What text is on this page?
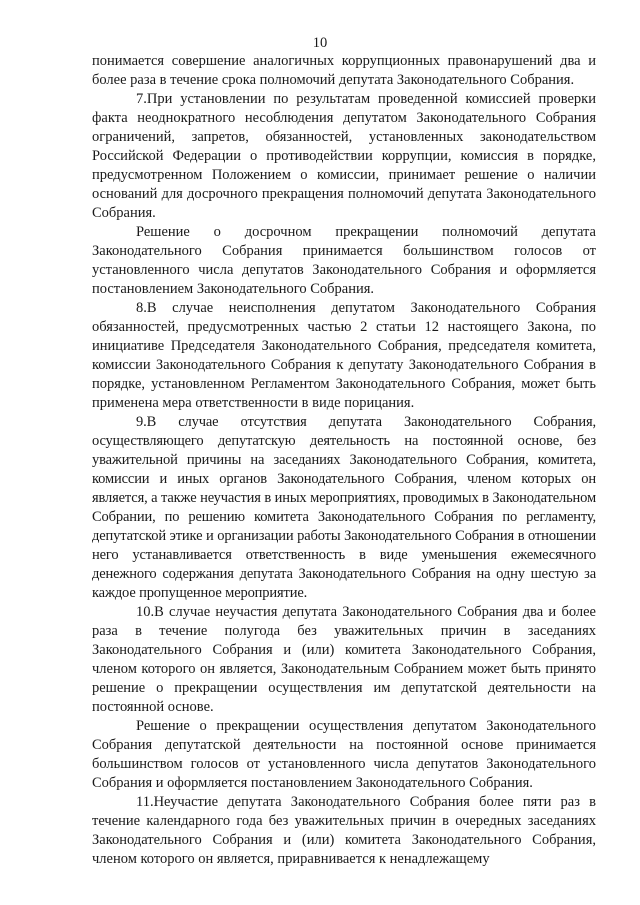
10

понимается совершение аналогичных коррупционных правонарушений два и более раза в течение срока полномочий депутата Законодательного Собрания.

7.При установлении по результатам проведенной комиссией проверки факта неоднократного несоблюдения депутатом Законодательного Собрания ограничений, запретов, обязанностей, установленных законодательством Российской Федерации о противодействии коррупции, комиссия в порядке, предусмотренном Положением о комиссии, принимает решение о наличии оснований для досрочного прекращения полномочий депутата Законодательного Собрания.

Решение о досрочном прекращении полномочий депутата Законодательного Собрания принимается большинством голосов от установленного числа депутатов Законодательного Собрания и оформляется постановлением Законодательного Собрания.

8.В случае неисполнения депутатом Законодательного Собрания обязанностей, предусмотренных частью 2 статьи 12 настоящего Закона, по инициативе Председателя Законодательного Собрания, председателя комитета, комиссии Законодательного Собрания к депутату Законодательного Собрания в порядке, установленном Регламентом Законодательного Собрания, может быть применена мера ответственности в виде порицания.

9.В случае отсутствия депутата Законодательного Собрания, осуществляющего депутатскую деятельность на постоянной основе, без уважительной причины на заседаниях Законодательного Собрания, комитета, комиссии и иных органов Законодательного Собрания, членом которых он является, а также неучастия в иных мероприятиях, проводимых в Законодательном Собрании, по решению комитета Законодательного Собрания по регламенту, депутатской этике и организации работы Законодательного Собрания в отношении него устанавливается ответственность в виде уменьшения ежемесячного денежного содержания депутата Законодательного Собрания на одну шестую за каждое пропущенное мероприятие.

10.В случае неучастия депутата Законодательного Собрания два и более раза в течение полугода без уважительных причин в заседаниях Законодательного Собрания и (или) комитета Законодательного Собрания, членом которого он является, Законодательным Собранием может быть принято решение о прекращении осуществления им депутатской деятельности на постоянной основе.

Решение о прекращении осуществления депутатом Законодательного Собрания депутатской деятельности на постоянной основе принимается большинством голосов от установленного числа депутатов Законодательного Собрания и оформляется постановлением Законодательного Собрания.

11.Неучастие депутата Законодательного Собрания более пяти раз в течение календарного года без уважительных причин в очередных заседаниях Законодательного Собрания и (или) комитета Законодательного Собрания, членом которого он является, приравнивается к ненадлежащему
